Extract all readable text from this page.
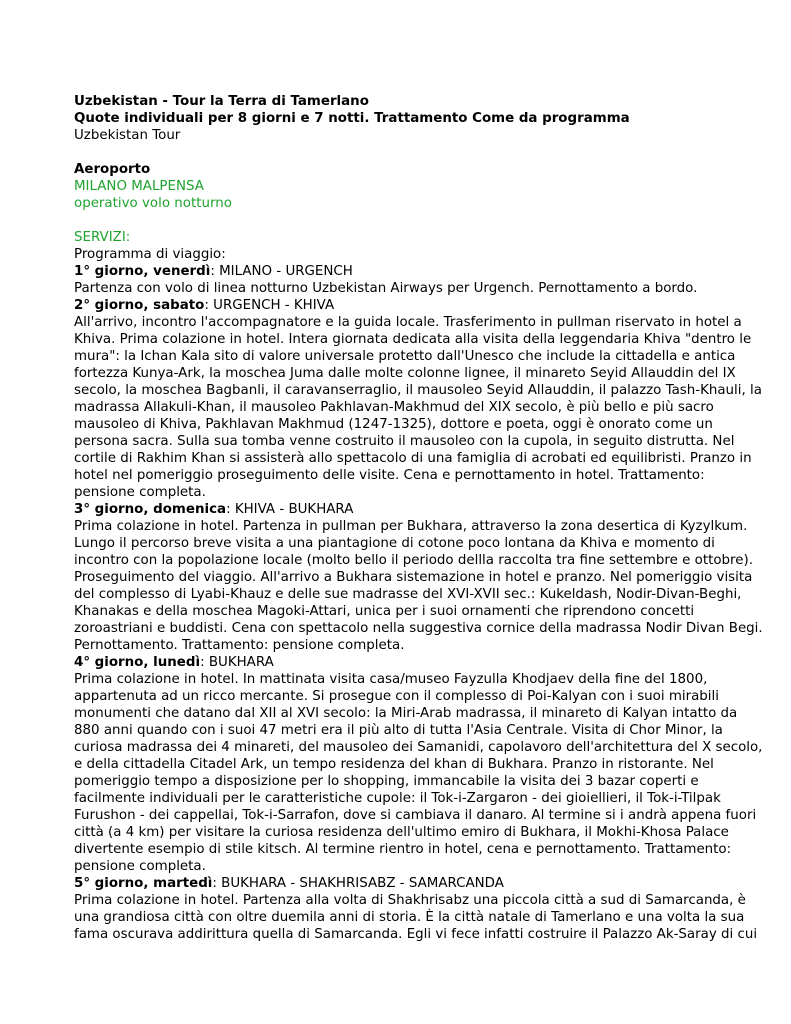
Uzbekistan - Tour la Terra di Tamerlano
Quote individuali per 8 giorni e 7 notti. Trattamento Come da programma
Uzbekistan Tour
Aeroporto
MILANO MALPENSA
operativo volo notturno
SERVIZI:
Programma di viaggio:
1° giorno, venerdì: MILANO - URGENCH
Partenza con volo di linea notturno Uzbekistan Airways per Urgench. Pernottamento a bordo.
2° giorno, sabato: URGENCH - KHIVA
All'arrivo, incontro l'accompagnatore e la guida locale. Trasferimento in pullman riservato in hotel a
Khiva. Prima colazione in hotel. Intera giornata dedicata alla visita della leggendaria Khiva "dentro le
mura": la Ichan Kala sito di valore universale protetto dall'Unesco che include la cittadella e antica
fortezza Kunya-Ark, la moschea Juma dalle molte colonne lignee, il minareto Seyid Allauddin del IX
secolo, la moschea Bagbanli, il caravanserraglio, il mausoleo Seyid Allauddin, il palazzo Tash-Khauli, la
madrassa Allakuli-Khan, il mausoleo Pakhlavan-Makhmud del XIX secolo, è più bello e più sacro
mausoleo di Khiva, Pakhlavan Makhmud (1247-1325), dottore e poeta, oggi è onorato come un
persona sacra. Sulla sua tomba venne costruito il mausoleo con la cupola, in seguito distrutta. Nel
cortile di Rakhim Khan si assisterà allo spettacolo di una famiglia di acrobati ed equilibristi. Pranzo in
hotel nel pomeriggio proseguimento delle visite. Cena e pernottamento in hotel. Trattamento:
pensione completa.
3° giorno, domenica: KHIVA - BUKHARA
Prima colazione in hotel. Partenza in pullman per Bukhara, attraverso la zona desertica di Kyzylkum.
Lungo il percorso breve visita a una piantagione di cotone poco lontana da Khiva e momento di
incontro con la popolazione locale (molto bello il periodo dellla raccolta tra fine settembre e ottobre).
Proseguimento del viaggio. All'arrivo a Bukhara sistemazione in hotel e pranzo. Nel pomeriggio visita
del complesso di Lyabi-Khauz e delle sue madrasse del XVI-XVII sec.: Kukeldash, Nodir-Divan-Beghi,
Khanakas e della moschea Magoki-Attari, unica per i suoi ornamenti che riprendono concetti
zoroastriani e buddisti. Cena con spettacolo nella suggestiva cornice della madrassa Nodir Divan Begi.
Pernottamento. Trattamento: pensione completa.
4° giorno, lunedì: BUKHARA
Prima colazione in hotel. In mattinata visita casa/museo Fayzulla Khodjaev della fine del 1800,
appartenuta ad un ricco mercante. Si prosegue con il complesso di Poi-Kalyan con i suoi mirabili
monumenti che datano dal XII al XVI secolo: la Miri-Arab madrassa, il minareto di Kalyan intatto da
880 anni quando con i suoi 47 metri era il più alto di tutta l'Asia Centrale. Visita di Chor Minor, la
curiosa madrassa dei 4 minareti, del mausoleo dei Samanidi, capolavoro dell'architettura del X secolo,
e della cittadella Citadel Ark, un tempo residenza del khan di Bukhara. Pranzo in ristorante. Nel
pomeriggio tempo a disposizione per lo shopping, immancabile la visita dei 3 bazar coperti e
facilmente individuali per le caratteristiche cupole: il Tok-i-Zargaron - dei gioiellieri, il Tok-i-Tilpak
Furushon - dei cappellai, Tok-i-Sarrafon, dove si cambiava il danaro. Al termine si i andrà appena fuori
città (a 4 km) per visitare la curiosa residenza dell'ultimo emiro di Bukhara, il Mokhi-Khosa Palace
divertente esempio di stile kitsch. Al termine rientro in hotel, cena e pernottamento. Trattamento:
pensione completa.
5° giorno, martedì: BUKHARA - SHAKHRISABZ - SAMARCANDA
Prima colazione in hotel. Partenza alla volta di Shakhrisabz una piccola città a sud di Samarcanda, è
una grandiosa città con oltre duemila anni di storia. È la città natale di Tamerlano e una volta la sua
fama oscurava addirittura quella di Samarcanda. Egli vi fece infatti costruire il Palazzo Ak-Saray di cui
